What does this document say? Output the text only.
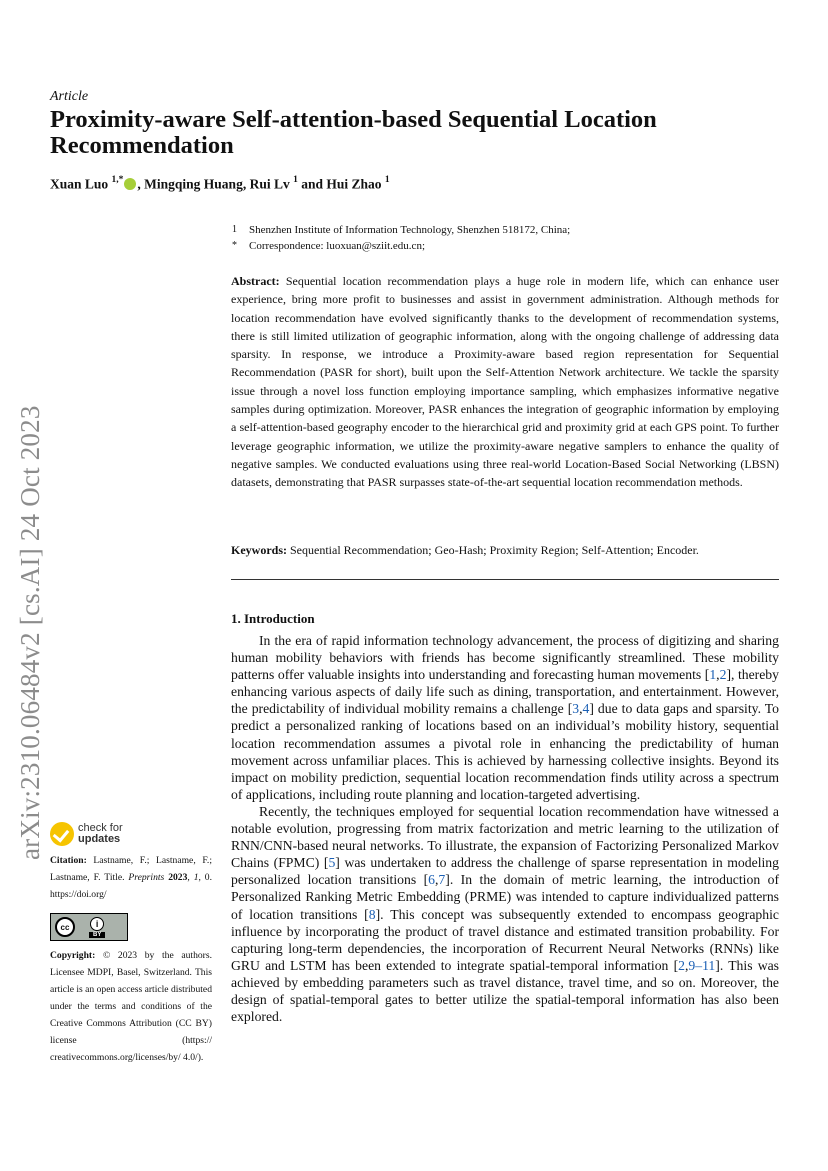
arXiv:2310.06484v2 [cs.AI] 24 Oct 2023
Article
Proximity-aware Self-attention-based Sequential Location Recommendation
Xuan Luo $^{1,*}$ , Mingqing Huang, Rui Lv $^1$ and Hui Zhao $^1$
1	Shenzhen Institute of Information Technology, Shenzhen 518172, China;
*	Correspondence: luoxuan@sziit.edu.cn;
Abstract: Sequential location recommendation plays a huge role in modern life, which can enhance user experience, bring more profit to businesses and assist in government administration. Although methods for location recommendation have evolved significantly thanks to the development of recommendation systems, there is still limited utilization of geographic information, along with the ongoing challenge of addressing data sparsity. In response, we introduce a Proximity-aware based region representation for Sequential Recommendation (PASR for short), built upon the Self-Attention Network architecture. We tackle the sparsity issue through a novel loss function employing importance sampling, which emphasizes informative negative samples during optimization. Moreover, PASR enhances the integration of geographic information by employing a self-attention-based geography encoder to the hierarchical grid and proximity grid at each GPS point. To further leverage geographic information, we utilize the proximity-aware negative samplers to enhance the quality of negative samples. We conducted evaluations using three real-world Location-Based Social Networking (LBSN) datasets, demonstrating that PASR surpasses state-of-the-art sequential location recommendation methods.
Keywords: Sequential Recommendation; Geo-Hash; Proximity Region; Self-Attention; Encoder.
1. Introduction

In the era of rapid information technology advancement, the process of digitizing and sharing human mobility behaviors with friends has become significantly streamlined. These mobility patterns offer valuable insights into understanding and forecasting human movements [1,2], thereby enhancing various aspects of daily life such as dining, transportation, and entertainment. However, the predictability of individual mobility remains a challenge [3,4] due to data gaps and sparsity. To predict a personalized ranking of locations based on an individual’s mobility history, sequential location recommendation assumes a pivotal role in enhancing the predictability of human movement across unfamiliar places. This is achieved by harnessing collective insights. Beyond its impact on mobility prediction, sequential location recommendation finds utility across a spectrum of applications, including route planning and location-targeted advertising.

Recently, the techniques employed for sequential location recommendation have witnessed a notable evolution, progressing from matrix factorization and metric learning to the utilization of RNN/CNN-based neural networks. To illustrate, the expansion of Factorizing Personalized Markov Chains (FPMC) [5] was undertaken to address the challenge of sparse representation in modeling personalized location transitions [6,7]. In the domain of metric learning, the introduction of Personalized Ranking Metric Embedding (PRME) was intended to capture individualized patterns of location transitions [8]. This concept was subsequently extended to encompass geographic influence by incorporating the product of travel distance and estimated transition probability. For capturing long-term dependencies, the incorporation of Recurrent Neural Networks (RNNs) like GRU and LSTM has been extended to integrate spatial-temporal information [2,9–11]. This was achieved by embedding parameters such as travel distance, travel time, and so on. Moreover, the design of spatial-temporal gates to better utilize the spatial-temporal information has also been explored.

check for
updates
Citation: Lastname, F.; Lastname, F.; Lastname, F. Title. Preprints 2023, 1, 0. https://doi.org/
cc	i
BY
Copyright: © 2023 by the authors. Licensee MDPI, Basel, Switzerland. This article is an open access article distributed under the terms and conditions of the Creative Commons Attribution (CC BY) license (https:// creativecommons.org/licenses/by/ 4.0/).
